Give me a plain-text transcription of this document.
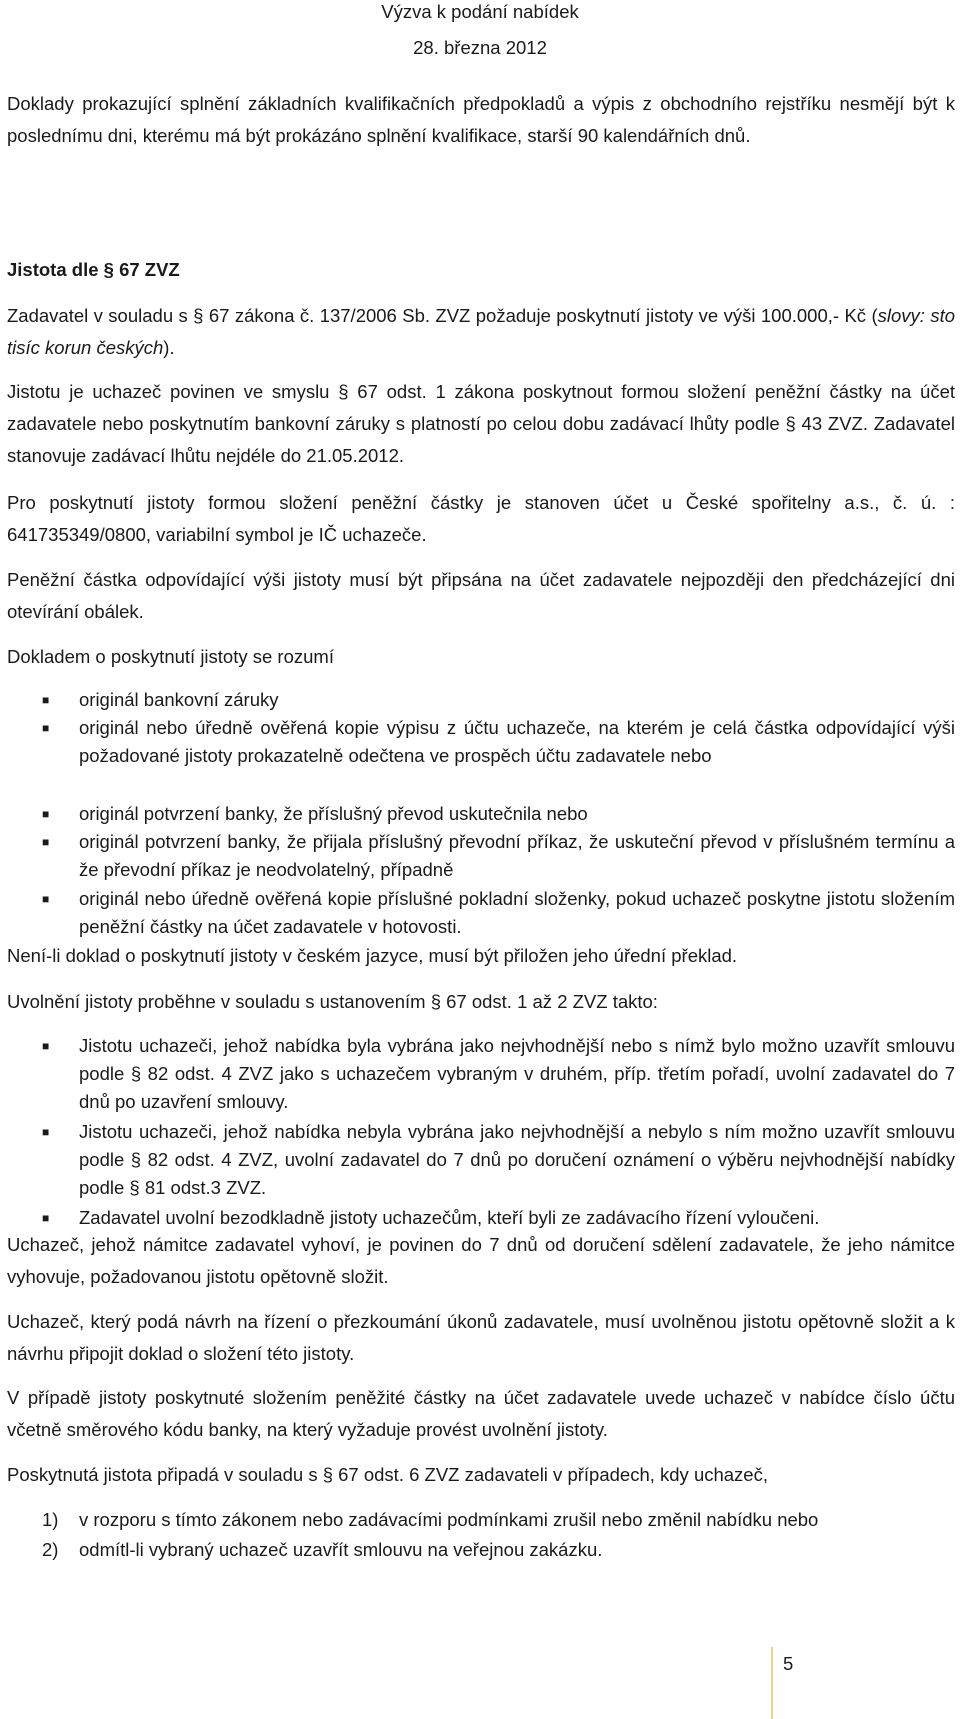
Výzva k podání nabídek
28. března 2012

Doklady prokazující splnění základních kvalifikačních předpokladů a výpis z obchodního rejstříku nesmějí být k poslednímu dni, kterému má být prokázáno splnění kvalifikace, starší 90 kalendářních dnů.

Jistota dle § 67 ZVZ

Zadavatel v souladu s § 67 zákona č. 137/2006 Sb. ZVZ požaduje poskytnutí jistoty ve výši 100.000,- Kč (slovy: sto tisíc korun českých).

Jistotu je uchazeč povinen ve smyslu § 67 odst. 1 zákona poskytnout formou složení peněžní částky na účet zadavatele nebo poskytnutím bankovní záruky s platností po celou dobu zadávací lhůty podle § 43 ZVZ. Zadavatel stanovuje zadávací lhůtu nejdéle do 21.05.2012.

Pro poskytnutí jistoty formou složení peněžní částky je stanoven účet u České spořitelny a.s., č. ú. : 641735349/0800, variabilní symbol je IČ uchazeče.

Peněžní částka odpovídající výši jistoty musí být připsána na účet zadavatele nejpozději den předcházející dni otevírání obálek.

Dokladem o poskytnutí jistoty se rozumí

■ originál bankovní záruky
■ originál nebo úředně ověřená kopie výpisu z účtu uchazeče, na kterém je celá částka odpovídající výši požadované jistoty prokazatelně odečtena ve prospěch účtu zadavatele nebo
■ originál potvrzení banky, že příslušný převod uskutečnila nebo
■ originál potvrzení banky, že přijala příslušný převodní příkaz, že uskuteční převod v příslušném termínu a že převodní příkaz je neodvolatelný, případně
■ originál nebo úředně ověřená kopie příslušné pokladní složenky, pokud uchazeč poskytne jistotu složením peněžní částky na účet zadavatele v hotovosti.

Není-li doklad o poskytnutí jistoty v českém jazyce, musí být přiložen jeho úřední překlad.

Uvolnění jistoty proběhne v souladu s ustanovením § 67 odst. 1 až 2 ZVZ takto:

■ Jistotu uchazeči, jehož nabídka byla vybrána jako nejvhodnější nebo s nímž bylo možno uzavřít smlouvu podle § 82 odst. 4 ZVZ jako s uchazečem vybraným v druhém, příp. třetím pořadí, uvolní zadavatel do 7 dnů po uzavření smlouvy.
■ Jistotu uchazeči, jehož nabídka nebyla vybrána jako nejvhodnější a nebylo s ním možno uzavřít smlouvu podle § 82 odst. 4 ZVZ, uvolní zadavatel do 7 dnů po doručení oznámení o výběru nejvhodnější nabídky podle § 81 odst.3 ZVZ.
■ Zadavatel uvolní bezodkladně jistoty uchazečům, kteří byli ze zadávacího řízení vyloučeni.

Uchazeč, jehož námitce zadavatel vyhoví, je povinen do 7 dnů od doručení sdělení zadavatele, že jeho námitce vyhovuje, požadovanou jistotu opětovně složit.

Uchazeč, který podá návrh na řízení o přezkoumání úkonů zadavatele, musí uvolněnou jistotu opětovně složit a k návrhu připojit doklad o složení této jistoty.

V případě jistoty poskytnuté složením peněžité částky na účet zadavatele uvede uchazeč v nabídce číslo účtu včetně směrového kódu banky, na který vyžaduje provést uvolnění jistoty.

Poskytnutá jistota připadá v souladu s § 67 odst. 6 ZVZ zadavateli v případech, kdy uchazeč,

1) v rozporu s tímto zákonem nebo zadávacími podmínkami zrušil nebo změnil nabídku nebo
2) odmítl-li vybraný uchazeč uzavřít smlouvu na veřejnou zakázku.
5
